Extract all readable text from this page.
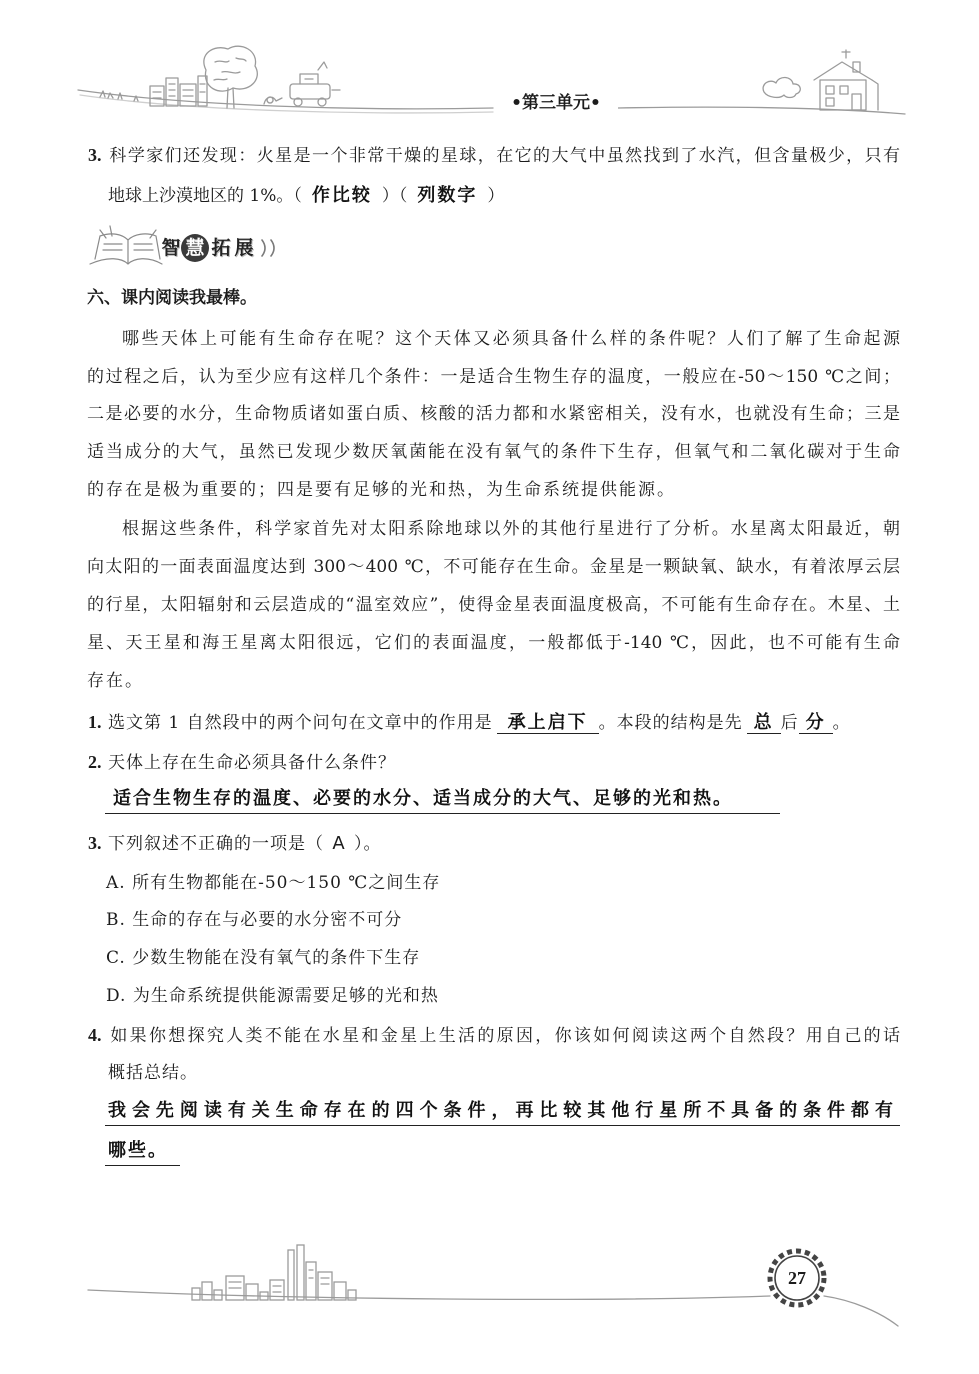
•第三单元•
3. 科学家们还发现：火星是一个非常干燥的星球，在它的大气中虽然找到了水汽，但含量极少，只有
地球上沙漠地区的 1%。（ 作比较 ）（ 列数字 ）
智 慧 拓 展
六、课内阅读我最棒。
哪些天体上可能有生命存在呢？这个天体又必须具备什么样的条件呢？人们了解了生命起源
的过程之后，认为至少应有这样几个条件：一是适合生物生存的温度，一般应在-50～150 ℃之间；
二是必要的水分，生命物质诸如蛋白质、核酸的活力都和水紧密相关，没有水，也就没有生命；三是
适当成分的大气，虽然已发现少数厌氧菌能在没有氧气的条件下生存，但氧气和二氧化碳对于生命
的存在是极为重要的；四是要有足够的光和热，为生命系统提供能源。
根据这些条件，科学家首先对太阳系除地球以外的其他行星进行了分析。水星离太阳最近，朝
向太阳的一面表面温度达到 300～400 ℃，不可能存在生命。金星是一颗缺氧、缺水，有着浓厚云层
的行星，太阳辐射和云层造成的“温室效应”，使得金星表面温度极高，不可能有生命存在。木星、土
星、天王星和海王星离太阳很远，它们的表面温度，一般都低于-140 ℃，因此，也不可能有生命
存在。
1. 选文第 1 自然段中的两个问句在文章中的作用是 承上启下 。本段的结构是先 总 后 分 。
2. 天体上存在生命必须具备什么条件？
适合生物生存的温度、必要的水分、适当成分的大气、足够的光和热。
3. 下列叙述不正确的一项是（ A ）。
A. 所有生物都能在-50～150 ℃之间生存
B. 生命的存在与必要的水分密不可分
C. 少数生物能在没有氧气的条件下生存
D. 为生命系统提供能源需要足够的光和热
4. 如果你想探究人类不能在水星和金星上生活的原因，你该如何阅读这两个自然段？用自己的话
概括总结。
我会先阅读有关生命存在的四个条件，再比较其他行星所不具备的条件都有
哪些。
27
